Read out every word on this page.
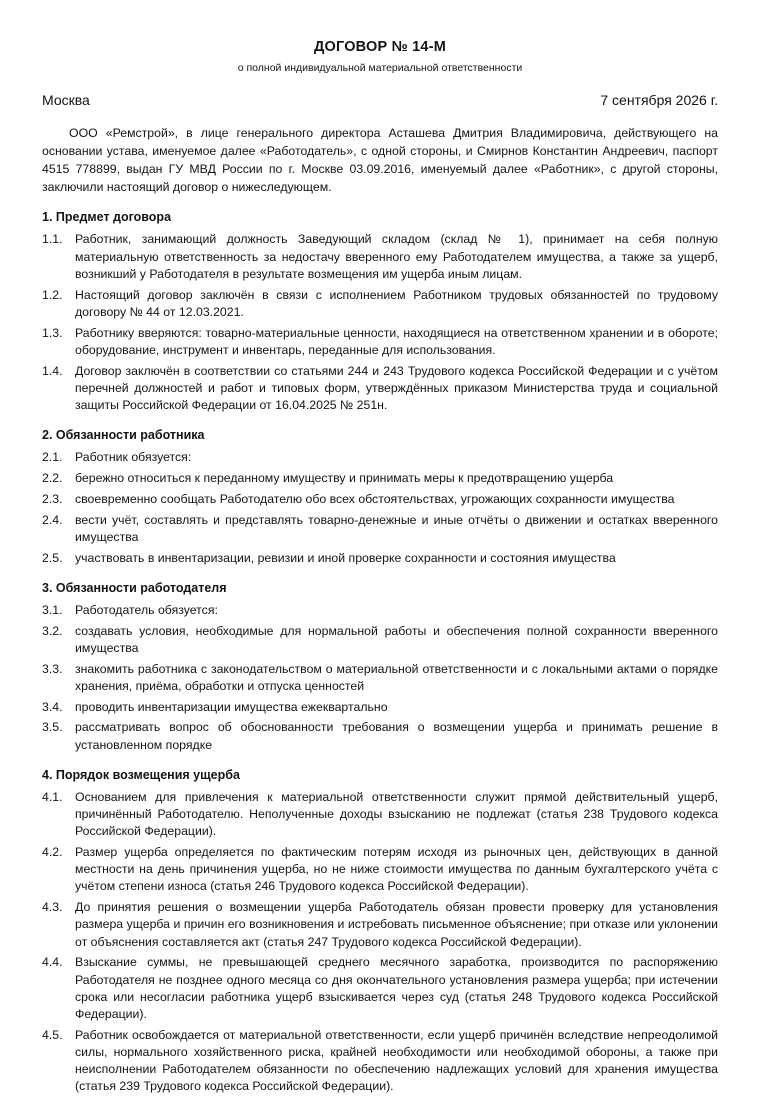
ДОГОВОР № 14-М
о полной индивидуальной материальной ответственности
Москва	7 сентября 2026 г.

ООО «Ремстрой», в лице генерального директора Асташева Дмитрия Владимировича, действующего на основании устава, именуемое далее «Работодатель», с одной стороны, и Смирнов Константин Андреевич, паспорт 4515 778899, выдан ГУ МВД России по г. Москве 03.09.2016, именуемый далее «Работник», с другой стороны, заключили настоящий договор о нижеследующем.

1. Предмет договора
1.1.	Работник, занимающий должность Заведующий складом (склад № 1), принимает на себя полную материальную ответственность за недостачу вверенного ему Работодателем имущества, а также за ущерб, возникший у Работодателя в результате возмещения им ущерба иным лицам.
1.2.	Настоящий договор заключён в связи с исполнением Работником трудовых обязанностей по трудовому договору № 44 от 12.03.2021.
1.3.	Работнику вверяются: товарно-материальные ценности, находящиеся на ответственном хранении и в обороте; оборудование, инструмент и инвентарь, переданные для использования.
1.4.	Договор заключён в соответствии со статьями 244 и 243 Трудового кодекса Российской Федерации и с учётом перечней должностей и работ и типовых форм, утверждённых приказом Министерства труда и социальной защиты Российской Федерации от 16.04.2025 № 251н.
2. Обязанности работника
2.1.	Работник обязуется:
2.2.	бережно относиться к переданному имуществу и принимать меры к предотвращению ущерба
2.3.	своевременно сообщать Работодателю обо всех обстоятельствах, угрожающих сохранности имущества
2.4.	вести учёт, составлять и представлять товарно-денежные и иные отчёты о движении и остатках вверенного имущества
2.5.	участвовать в инвентаризации, ревизии и иной проверке сохранности и состояния имущества
3. Обязанности работодателя
3.1.	Работодатель обязуется:
3.2.	создавать условия, необходимые для нормальной работы и обеспечения полной сохранности вверенного имущества
3.3.	знакомить работника с законодательством о материальной ответственности и с локальными актами о порядке хранения, приёма, обработки и отпуска ценностей
3.4.	проводить инвентаризации имущества ежеквартально
3.5.	рассматривать вопрос об обоснованности требования о возмещении ущерба и принимать решение в установленном порядке
4. Порядок возмещения ущерба
4.1.	Основанием для привлечения к материальной ответственности служит прямой действительный ущерб, причинённый Работодателю. Неполученные доходы взысканию не подлежат (статья 238 Трудового кодекса Российской Федерации).
4.2.	Размер ущерба определяется по фактическим потерям исходя из рыночных цен, действующих в данной местности на день причинения ущерба, но не ниже стоимости имущества по данным бухгалтерского учёта с учётом степени износа (статья 246 Трудового кодекса Российской Федерации).
4.3.	До принятия решения о возмещении ущерба Работодатель обязан провести проверку для установления размера ущерба и причин его возникновения и истребовать письменное объяснение; при отказе или уклонении от объяснения составляется акт (статья 247 Трудового кодекса Российской Федерации).
4.4.	Взыскание суммы, не превышающей среднего месячного заработка, производится по распоряжению Работодателя не позднее одного месяца со дня окончательного установления размера ущерба; при истечении срока или несогласии работника ущерб взыскивается через суд (статья 248 Трудового кодекса Российской Федерации).
4.5.	Работник освобождается от материальной ответственности, если ущерб причинён вследствие непреодолимой силы, нормального хозяйственного риска, крайней необходимости или необходимой обороны, а также при неисполнении Работодателем обязанности по обеспечению надлежащих условий для хранения имущества (статья 239 Трудового кодекса Российской Федерации).
